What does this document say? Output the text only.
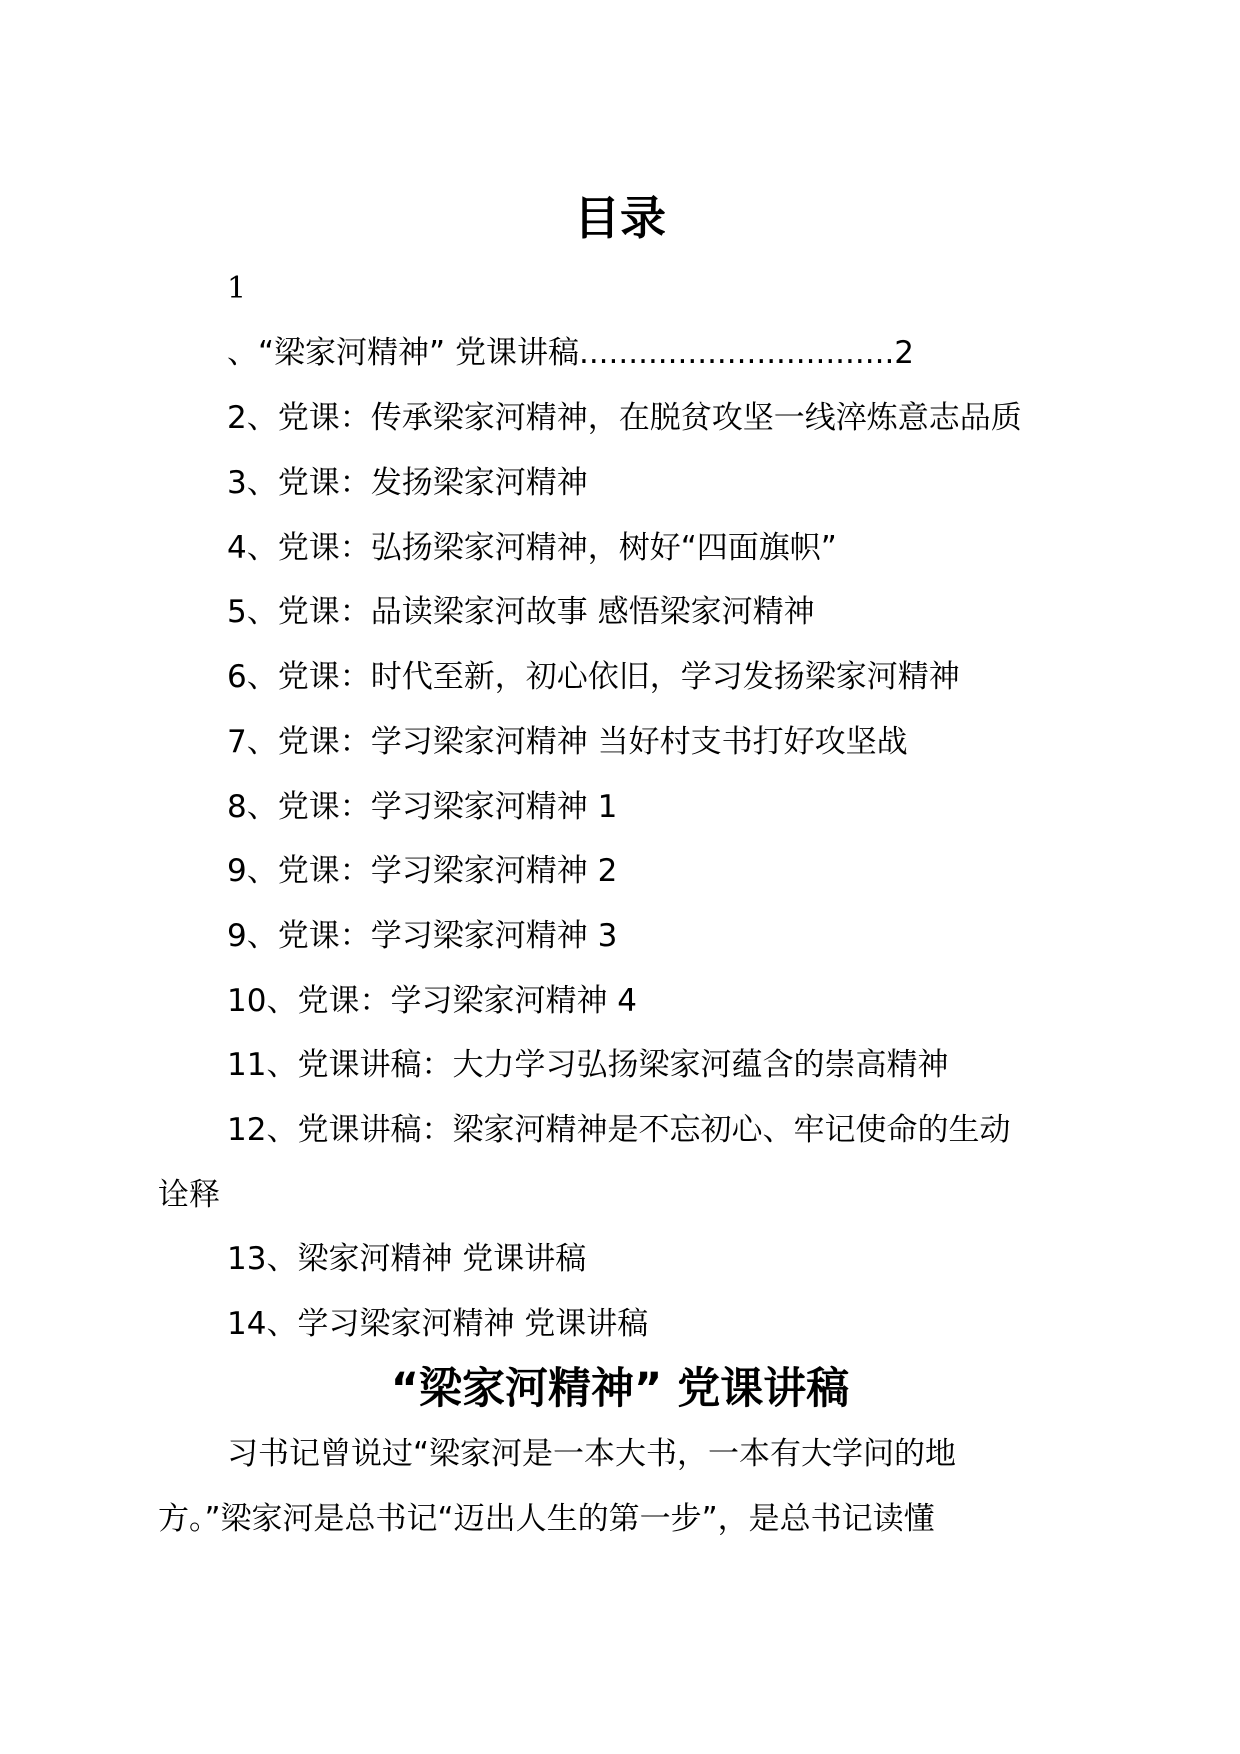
目录
1
、“梁家河精神” 党课讲稿................................2
2、党课：传承梁家河精神，在脱贫攻坚一线淬炼意志品质
3、党课：发扬梁家河精神
4、党课：弘扬梁家河精神，树好“四面旗帜”
5、党课：品读梁家河故事 感悟梁家河精神
6、党课：时代至新，初心依旧，学习发扬梁家河精神
7、党课：学习梁家河精神 当好村支书打好攻坚战
8、党课：学习梁家河精神 1
9、党课：学习梁家河精神 2
9、党课：学习梁家河精神 3
10、党课：学习梁家河精神 4
11、党课讲稿：大力学习弘扬梁家河蕴含的崇高精神
12、党课讲稿：梁家河精神是不忘初心、牢记使命的生动
诠释
13、梁家河精神 党课讲稿
14、学习梁家河精神 党课讲稿
“梁家河精神” 党课讲稿
习书记曾说过“梁家河是一本大书，一本有大学问的地
方。”梁家河是总书记“迈出人生的第一步”，是总书记读懂
